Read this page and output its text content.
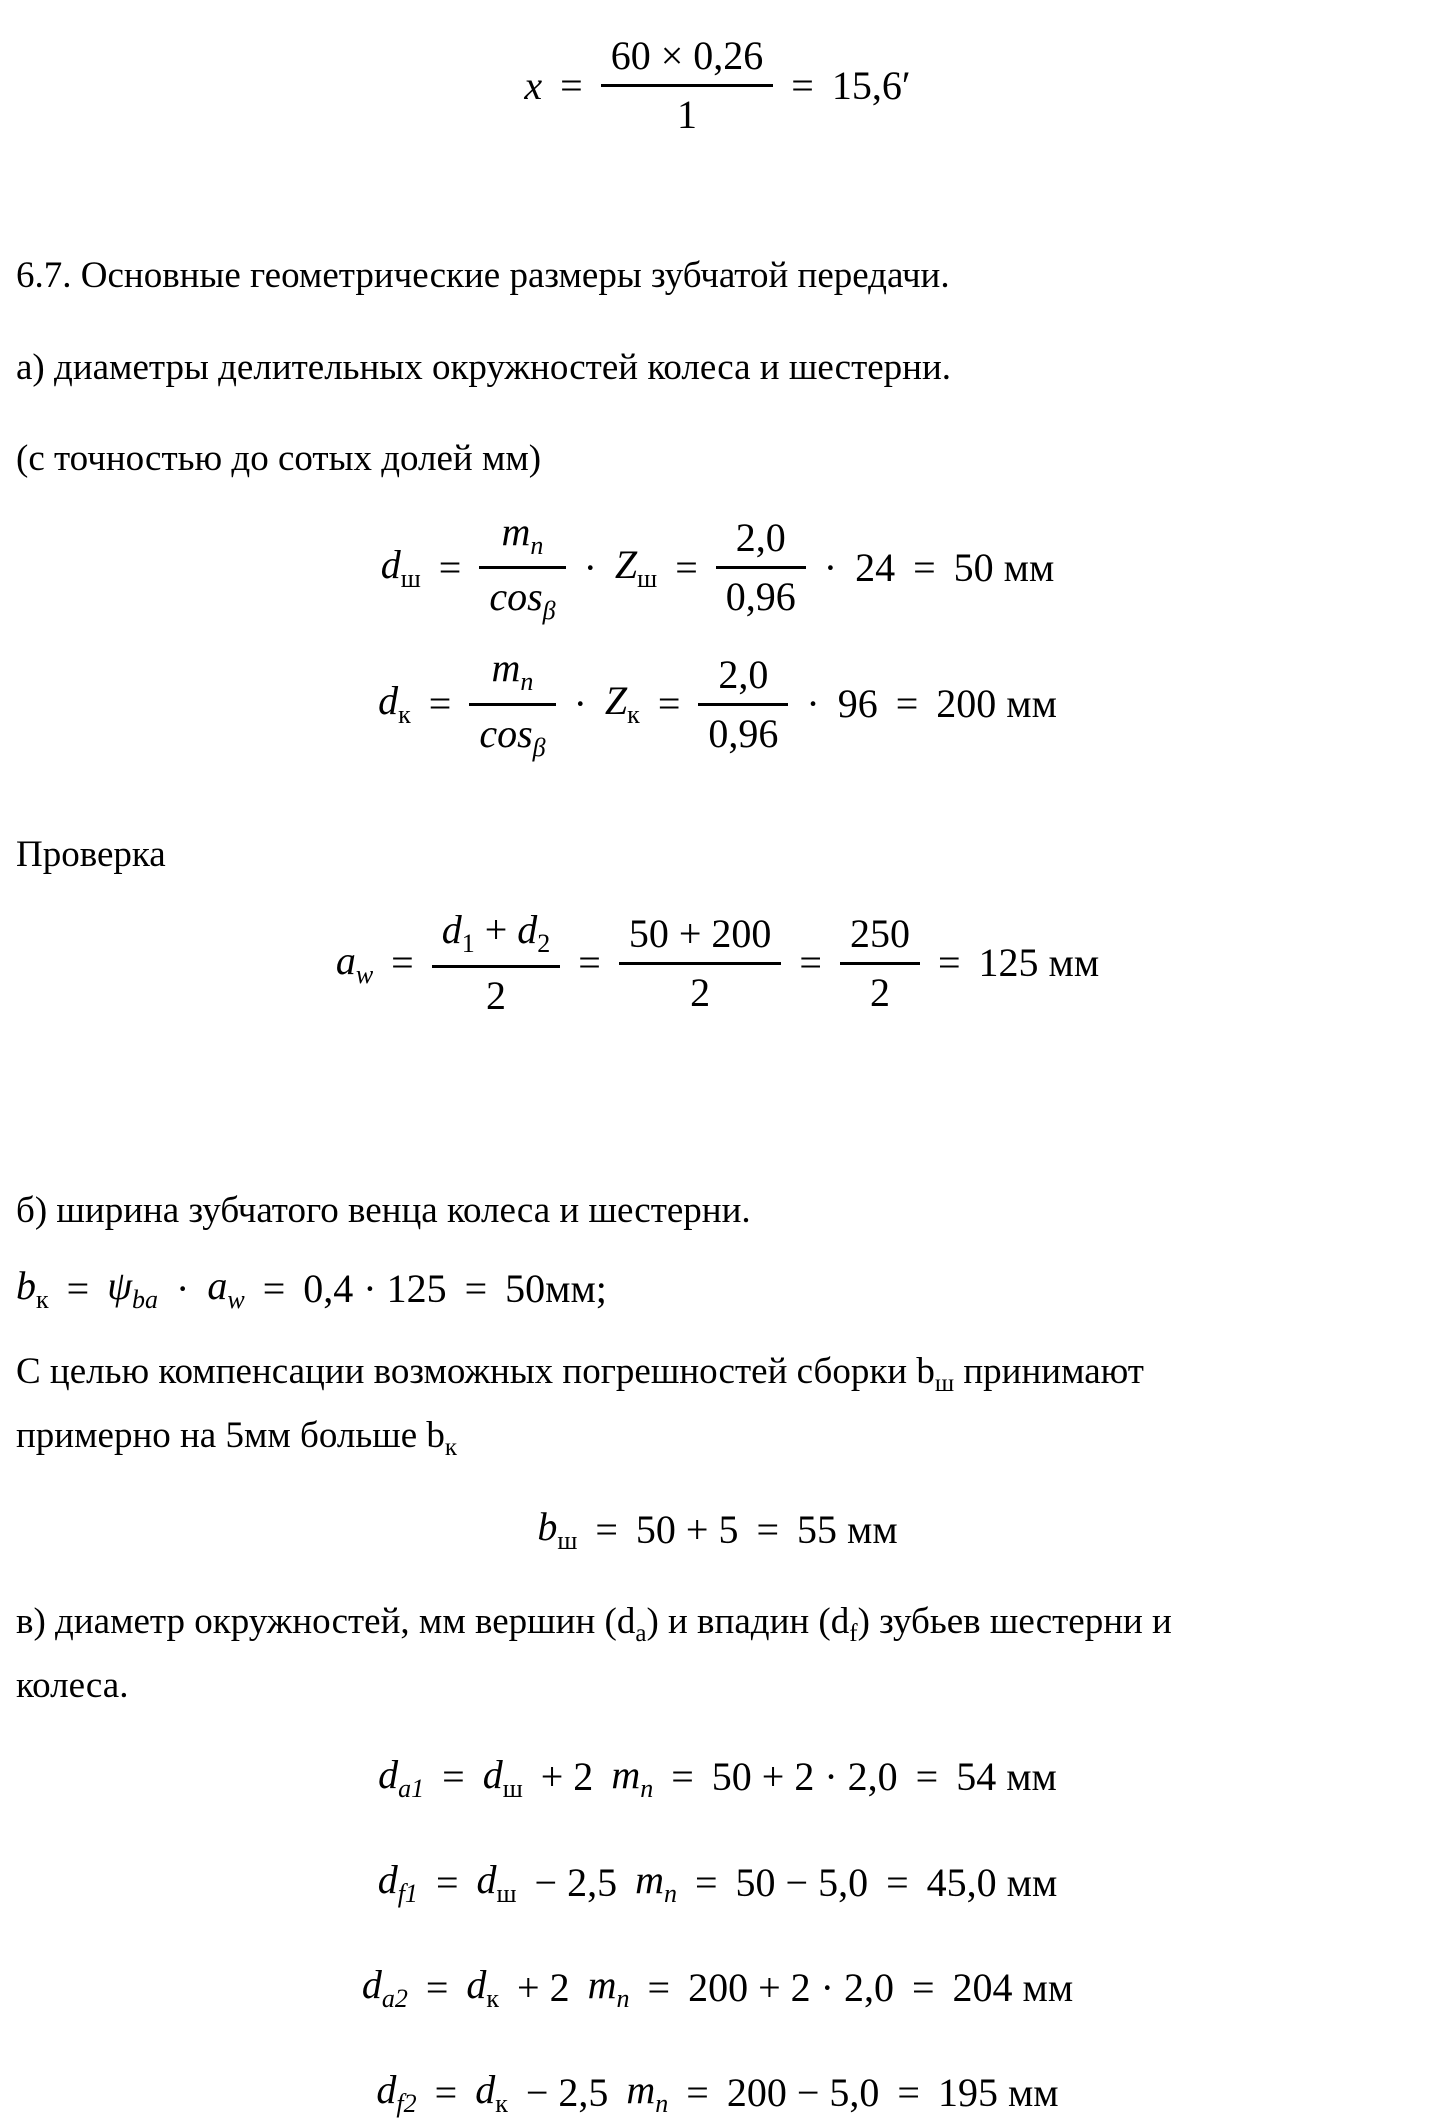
$x = \frac{60 \times 0,26}{1} = 15,6'$
6.7. Основные геометрические размеры зубчатой передачи.
а) диаметры делительных окружностей колеса и шестерни.
(с точностью до сотых долей мм)
$d_ш = \frac{m_n}{\cos_\beta} \cdot Z_ш = \frac{2,0}{0,96} \cdot 24 = 50$ мм
$d_к = \frac{m_n}{\cos_\beta} \cdot Z_к = \frac{2,0}{0,96} \cdot 96 = 200$ мм
Проверка
$a_w = \frac{d_1 + d_2}{2} = \frac{50 + 200}{2} = \frac{250}{2} = 125$ мм
б) ширина зубчатого венца колеса и шестерни.
$b_к = \psi_{ba} \cdot a_w = 0,4 \cdot 125 = 50мм$;
С целью компенсации возможных погрешностей сборки $b_ш$ принимают
примерно на 5мм больше $b_к$
$b_ш = 50 + 5 = 55$ мм
в) диаметр окружностей, мм вершин $(d_a)$ и впадин $(d_f)$ зубьев шестерни и
колеса.
$d_{a1} = d_ш + 2$ $m_n = 50 + 2 \cdot 2,0 = 54$ мм
$d_{f1} = d_ш - 2,5$ $m_n = 50 - 5,0 = 45,0$ мм
$d_{a2} = d_к + 2$ $m_n = 200 + 2 \cdot 2,0 = 204$ мм
$d_{f2} = d_к - 2,5$ $m_n = 200 - 5,0 = 195$ мм
